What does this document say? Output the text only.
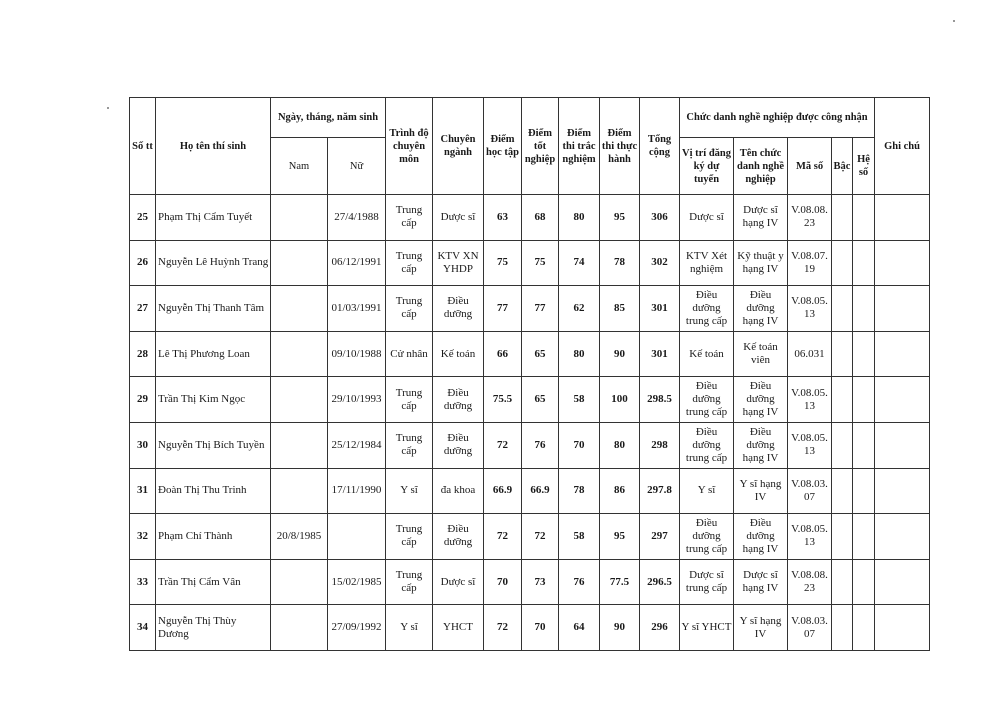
Số tt	Họ tên thí sinh	Ngày, tháng, năm sinh		Trình độ chuyên môn	Chuyên ngành	Điểm học tập	Điểm tốt nghiệp	Điểm thi trắc nghiệm	Điểm thi thực hành	Tổng cộng	Chức danh nghề nghiệp được công nhận					Ghi chú
		Nam	Nữ								Vị trí đăng ký dự tuyển	Tên chức danh nghề nghiệp	Mã số	Bậc	Hệ số	
25	Phạm Thị Cẩm Tuyết		27/4/1988	Trung cấp	Dược sĩ	63	68	80	95	306	Dược sĩ	Dược sĩ hạng IV	V.08.08. 23			
26	Nguyễn Lê Huỳnh Trang		06/12/1991	Trung cấp	KTV XN YHDP	75	75	74	78	302	KTV Xét nghiệm	Kỹ thuật y hạng IV	V.08.07. 19			
27	Nguyễn Thị Thanh Tâm		01/03/1991	Trung cấp	Điều dưỡng	77	77	62	85	301	Điều dưỡng trung cấp	Điều dưỡng hạng IV	V.08.05. 13			
28	Lê Thị Phương Loan		09/10/1988	Cử nhân	Kế toán	66	65	80	90	301	Kế toán	Kế toán viên	06.031			
29	Trần Thị Kim Ngọc		29/10/1993	Trung cấp	Điều dưỡng	75.5	65	58	100	298.5	Điều dưỡng trung cấp	Điều dưỡng hạng IV	V.08.05. 13			
30	Nguyễn Thị Bích Tuyền		25/12/1984	Trung cấp	Điều dưỡng	72	76	70	80	298	Điều dưỡng trung cấp	Điều dưỡng hạng IV	V.08.05. 13			
31	Đoàn Thị Thu Trinh		17/11/1990	Y sĩ	đa khoa	66.9	66.9	78	86	297.8	Y sĩ	Y sĩ hạng IV	V.08.03. 07			
32	Phạm Chí Thành	20/8/1985		Trung cấp	Điều dưỡng	72	72	58	95	297	Điều dưỡng trung cấp	Điều dưỡng hạng IV	V.08.05. 13			
33	Trần Thị Cẩm Vân		15/02/1985	Trung cấp	Dược sĩ	70	73	76	77.5	296.5	Dược sĩ trung cấp	Dược sĩ hạng IV	V.08.08. 23			
34	Nguyễn Thị Thùy Dương		27/09/1992	Y sĩ	YHCT	72	70	64	90	296	Y sĩ YHCT	Y sĩ hạng IV	V.08.03. 07			
